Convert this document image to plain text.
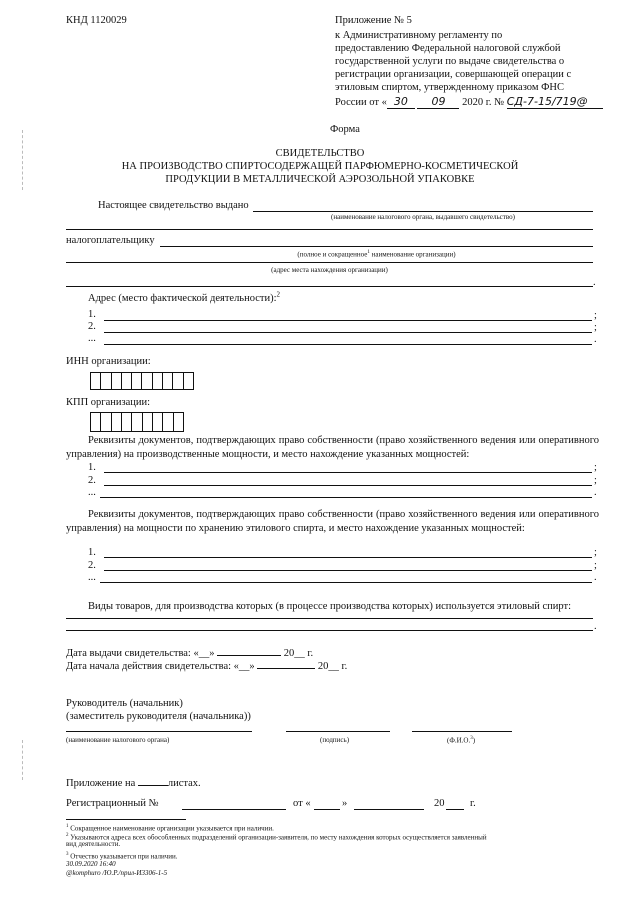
КНД 1120029	Приложение № 5
к Административному регламенту по
предоставлению Федеральной налоговой службой
государственной услуги по выдаче свидетельства о
регистрации организации, совершающей операции с
этиловым спиртом, утвержденному приказом ФНС
России от « 30 09 2020 г. № СД-7-15/719@
Форма
СВИДЕТЕЛЬСТВО
НА ПРОИЗВОДСТВО СПИРТОСОДЕРЖАЩЕЙ ПАРФЮМЕРНО-КОСМЕТИЧЕСКОЙ
ПРОДУКЦИИ В МЕТАЛЛИЧЕСКОЙ АЭРОЗОЛЬНОЙ УПАКОВКЕ
Настоящее свидетельство выдано
(наименование налогового органа, выдавшего свидетельство)
налогоплательщику
(полное и сокращенное$^1$ наименование организации)
(адрес места нахождения организации)
.
Адрес (место фактической деятельности):$^2$
1.	;
2.	;
...	.
ИНН организации:
КПП организации:
Реквизиты документов, подтверждающих право собственности (право хозяйственного ведения или оперативного управления) на производственные мощности, и место нахождение указанных мощностей:
1.	;
2.	;
...	.
Реквизиты документов, подтверждающих право собственности (право хозяйственного ведения или оперативного управления) на мощности по хранению этилового спирта, и место нахождение указанных мощностей:
1.	;
2.	;
...	.
Виды товаров, для производства которых (в процессе производства которых) используется этиловый спирт:
.
Дата выдачи свидетельства: «__»	20__ г.
Дата начала действия свидетельства: «__»	20__ г.
Руководитель (начальник)
(заместитель руководителя (начальника))
(наименование налогового органа)	(подпись)	(Ф.И.О.$^3$)
Приложение на	листах.
Регистрационный №	от «	»	20 г.
$^1$ Сокращенное наименование организации указывается при наличии.
$^2$ Указываются адреса всех обособленных подразделений организации-заявителя, по месту нахождения которых осуществляется заявленный
вид деятельности.
$^3$ Отчество указывается при наличии.
30.09.2020 16:40
@komphuro /Ю.Р./прил-И3306-1-5
